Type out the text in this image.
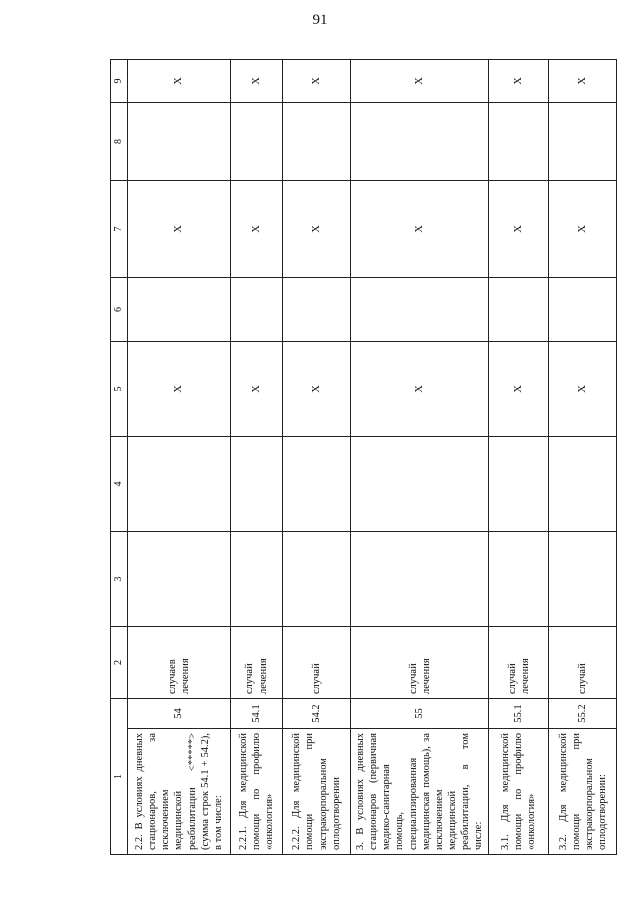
91
1		2	3	4	5	6	7	8	9
2.2. В условиях дневных стационаров, за исключением медицинской реабилитации <*****> (сумма строк 54.1 + 54.2), в том числе:	54	случаев лечения			X		X		X
2.2.1. Для медицинской помощи по профилю «онкология»	54.1	случай лечения			X		X		X
2.2.2. Для медицинской помощи при экстракорпоральном оплодотворении	54.2	случай			X		X		X
3. В условиях дневных стационаров (первичная медико-санитарная помощь, специализированная медицинская помощь), за исключением медицинской реабилитации, в том числе:	55	случай лечения			X		X		X
3.1. Для медицинской помощи по профилю «онкология»	55.1	случай лечения			X		X		X
3.2. Для медицинской помощи при экстракорпоральном оплодотворении:	55.2	случай			X		X		X
